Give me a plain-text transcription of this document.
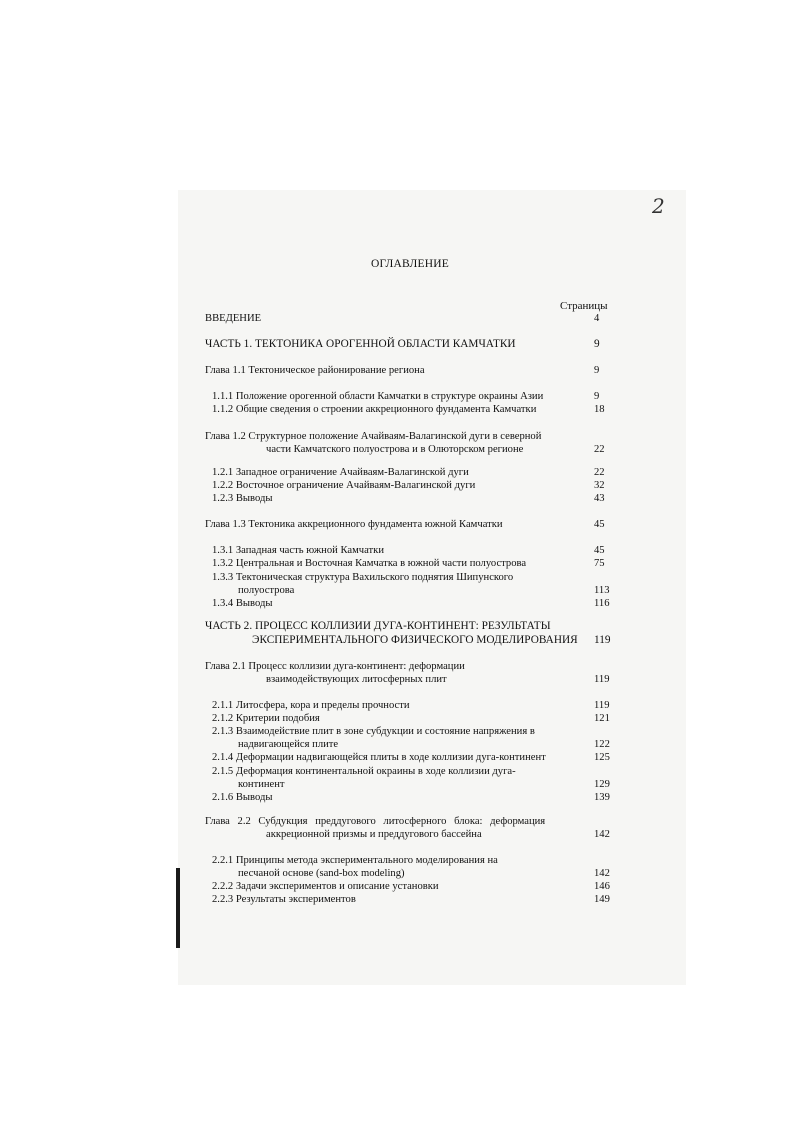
2
ОГЛАВЛЕНИЕ
Страницы
ВВЕДЕНИЕ	4
ЧАСТЬ 1. ТЕКТОНИКА ОРОГЕННОЙ ОБЛАСТИ КАМЧАТКИ	9
Глава 1.1 Тектоническое районирование региона	9
1.1.1 Положение орогенной области Камчатки в структуре окраины Азии	9
1.1.2 Общие сведения о строении аккреционного фундамента Камчатки	18
Глава 1.2 Структурное положение Ачайваям-Валагинской дуги в северной
части Камчатского полуострова и в Олюторском регионе	22
1.2.1 Западное ограничение Ачайваям-Валагинской дуги	22
1.2.2 Восточное ограничение Ачайваям-Валагинской дуги	32
1.2.3 Выводы	43
Глава 1.3 Тектоника аккреционного фундамента южной Камчатки	45
1.3.1 Западная часть южной Камчатки	45
1.3.2 Центральная и Восточная Камчатка в южной части полуострова	75
1.3.3 Тектоническая структура Вахильского поднятия Шипунского
полуострова	113
1.3.4 Выводы	116
ЧАСТЬ 2. ПРОЦЕСС КОЛЛИЗИИ ДУГА-КОНТИНЕНТ: РЕЗУЛЬТАТЫ
ЭКСПЕРИМЕНТАЛЬНОГО ФИЗИЧЕСКОГО МОДЕЛИРОВАНИЯ 119
Глава 2.1 Процесс коллизии дуга-континент: деформации
взаимодействующих литосферных плит	119
2.1.1 Литосфера, кора и пределы прочности	119
2.1.2 Критерии подобия	121
2.1.3 Взаимодействие плит в зоне субдукции и состояние напряжения в
надвигающейся плите	122
2.1.4 Деформации надвигающейся плиты в ходе коллизии дуга-континент	125
2.1.5 Деформация континентальной окраины в ходе коллизии дуга-
континент	129
2.1.6 Выводы	139
Глава 2.2 Субдукция преддугового литосферного блока: деформация
аккреционной призмы и преддугового бассейна	142
2.2.1 Принципы метода экспериментального моделирования на
песчаной основе (sand-box modeling)	142
2.2.2 Задачи экспериментов и описание установки	146
2.2.3 Результаты экспериментов	149
